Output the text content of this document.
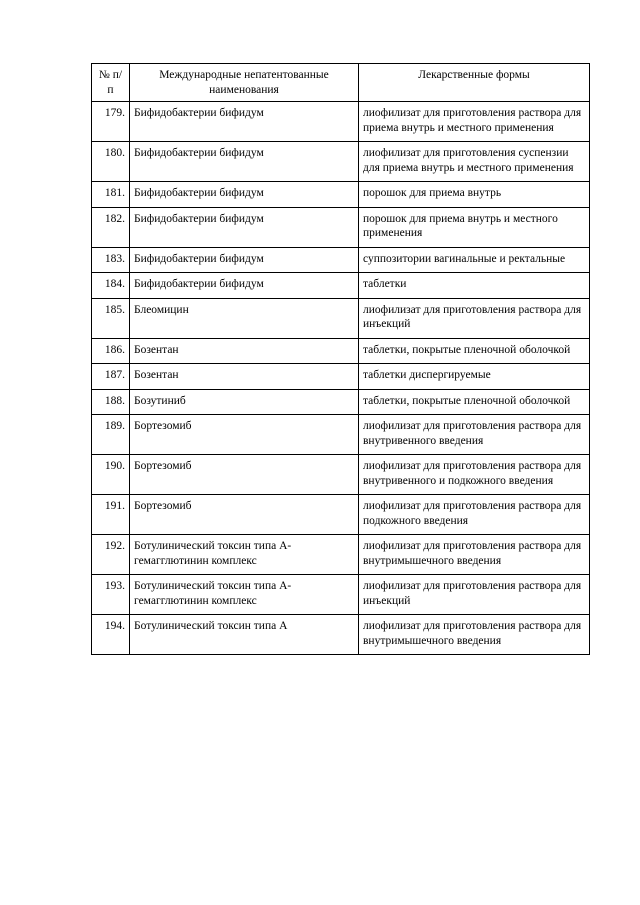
№ п/п	Международные непатентованные наименования	Лекарственные формы
179.	Бифидобактерии бифидум	лиофилизат для приготовления раствора для приема внутрь и местного применения
180.	Бифидобактерии бифидум	лиофилизат для приготовления суспензии для приема внутрь и местного применения
181.	Бифидобактерии бифидум	порошок для приема внутрь
182.	Бифидобактерии бифидум	порошок для приема внутрь и местного применения
183.	Бифидобактерии бифидум	суппозитории вагинальные и ректальные
184.	Бифидобактерии бифидум	таблетки
185.	Блеомицин	лиофилизат для приготовления раствора для инъекций
186.	Бозентан	таблетки, покрытые пленочной оболочкой
187.	Бозентан	таблетки диспергируемые
188.	Бозутиниб	таблетки, покрытые пленочной оболочкой
189.	Бортезомиб	лиофилизат для приготовления раствора для внутривенного введения
190.	Бортезомиб	лиофилизат для приготовления раствора для внутривенного и подкожного введения
191.	Бортезомиб	лиофилизат для приготовления раствора для подкожного введения
192.	Ботулинический токсин типа А-гемагглютинин комплекс	лиофилизат для приготовления раствора для внутримышечного введения
193.	Ботулинический токсин типа А-гемагглютинин комплекс	лиофилизат для приготовления раствора для инъекций
194.	Ботулинический токсин типа А	лиофилизат для приготовления раствора для внутримышечного введения
